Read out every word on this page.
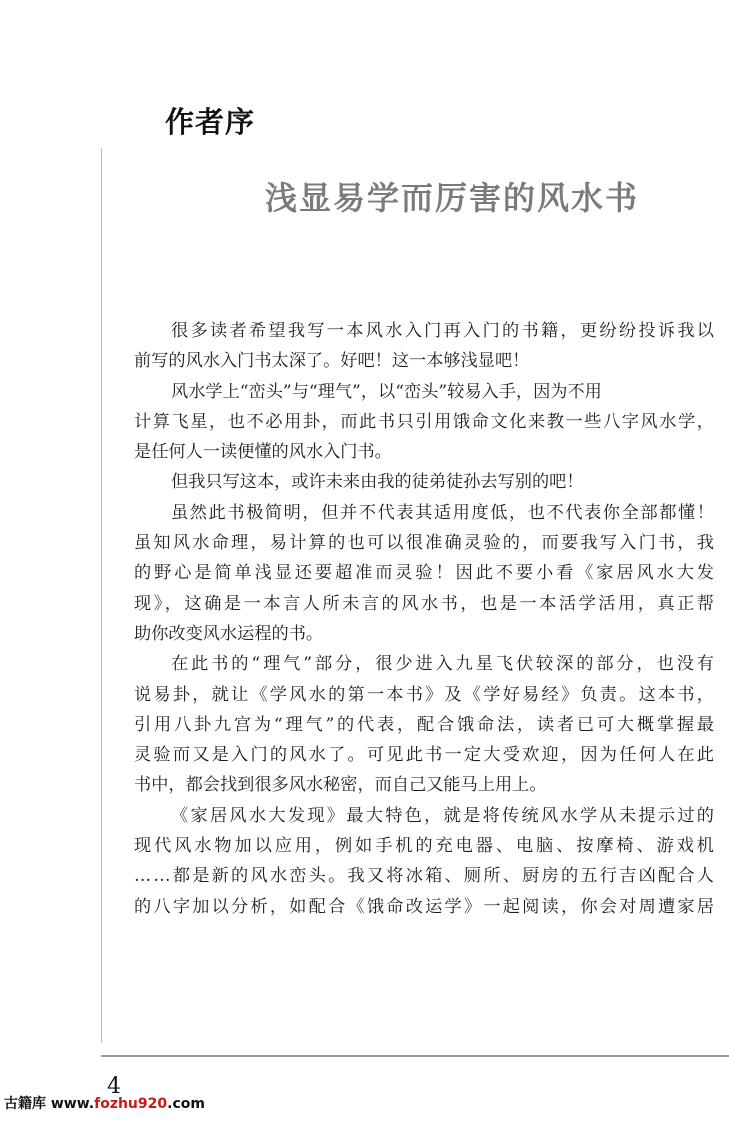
作者序
浅显易学而厉害的风水书
很多读者希望我写一本风水入门再入门的书籍，更纷纷投诉我以
前写的风水入门书太深了。好吧！这一本够浅显吧！
风水学上“峦头”与“理气”，以“峦头”较易入手，因为不用
计算飞星，也不必用卦，而此书只引用饿命文化来教一些八字风水学，
是任何人一读便懂的风水入门书。
但我只写这本，或许未来由我的徒弟徒孙去写别的吧！
虽然此书极简明，但并不代表其适用度低，也不代表你全部都懂！
虽知风水命理，易计算的也可以很准确灵验的，而要我写入门书，我
的野心是简单浅显还要超准而灵验！因此不要小看《家居风水大发
现》，这确是一本言人所未言的风水书，也是一本活学活用，真正帮
助你改变风水运程的书。
在此书的“理气”部分，很少进入九星飞伏较深的部分，也没有
说易卦，就让《学风水的第一本书》及《学好易经》负责。这本书，
引用八卦九宫为“理气”的代表，配合饿命法，读者已可大概掌握最
灵验而又是入门的风水了。可见此书一定大受欢迎，因为任何人在此
书中，都会找到很多风水秘密，而自己又能马上用上。
《家居风水大发现》最大特色，就是将传统风水学从未提示过的
现代风水物加以应用，例如手机的充电器、电脑、按摩椅、游戏机
……都是新的风水峦头。我又将冰箱、厕所、厨房的五行吉凶配合人
的八字加以分析，如配合《饿命改运学》一起阅读，你会对周遭家居
4
古籍库 www.fozhu920.com
